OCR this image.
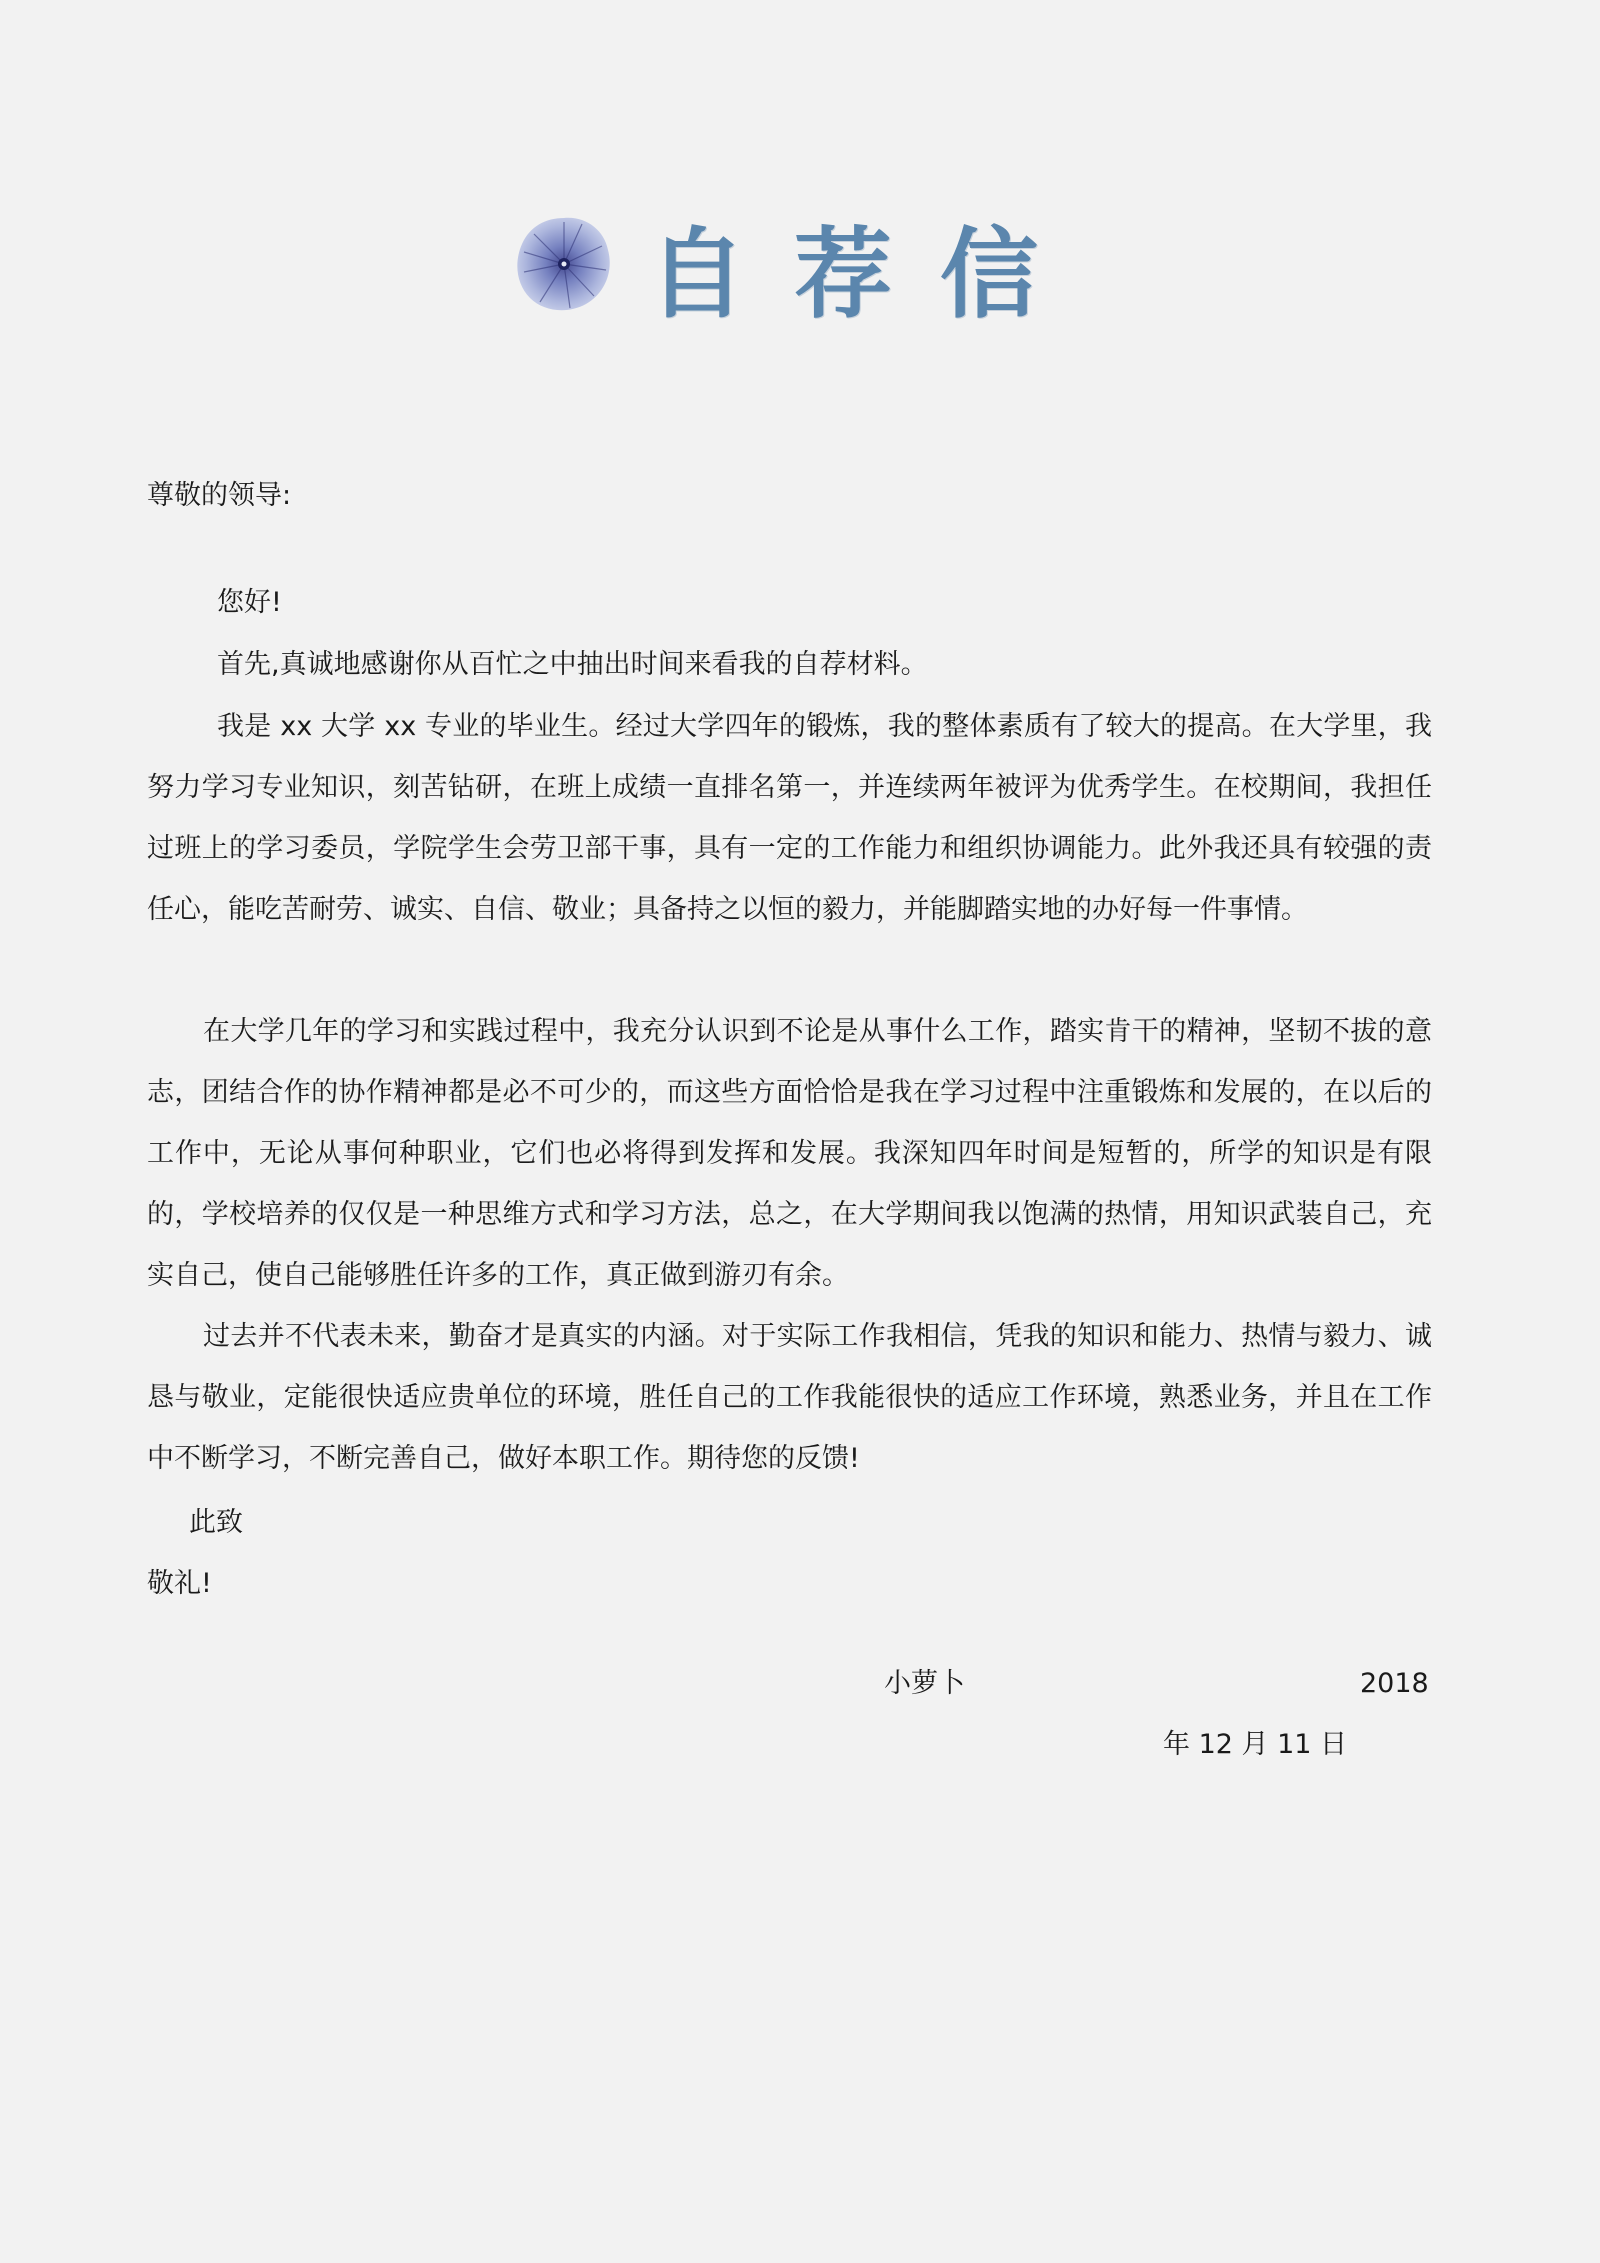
自荐信
尊敬的领导:
您好!
首先,真诚地感谢你从百忙之中抽出时间来看我的自荐材料。
我是 xx 大学 xx 专业的毕业生。经过大学四年的锻炼，我的整体素质有了较大的提高。在大学里，我努力学习专业知识，刻苦钻研，在班上成绩一直排名第一，并连续两年被评为优秀学生。在校期间，我担任过班上的学习委员，学院学生会劳卫部干事，具有一定的工作能力和组织协调能力。此外我还具有较强的责任心，能吃苦耐劳、诚实、自信、敬业；具备持之以恒的毅力，并能脚踏实地的办好每一件事情。
在大学几年的学习和实践过程中，我充分认识到不论是从事什么工作，踏实肯干的精神，坚韧不拔的意志，团结合作的协作精神都是必不可少的，而这些方面恰恰是我在学习过程中注重锻炼和发展的，在以后的工作中，无论从事何种职业，它们也必将得到发挥和发展。我深知四年时间是短暂的，所学的知识是有限的，学校培养的仅仅是一种思维方式和学习方法，总之，在大学期间我以饱满的热情，用知识武装自己，充实自己，使自己能够胜任许多的工作，真正做到游刃有余。
过去并不代表未来，勤奋才是真实的内涵。对于实际工作我相信，凭我的知识和能力、热情与毅力、诚恳与敬业，定能很快适应贵单位的环境，胜任自己的工作我能很快的适应工作环境，熟悉业务，并且在工作中不断学习，不断完善自己，做好本职工作。期待您的反馈!
此致
敬礼!
小萝卜	2018
年 12 月 11 日
